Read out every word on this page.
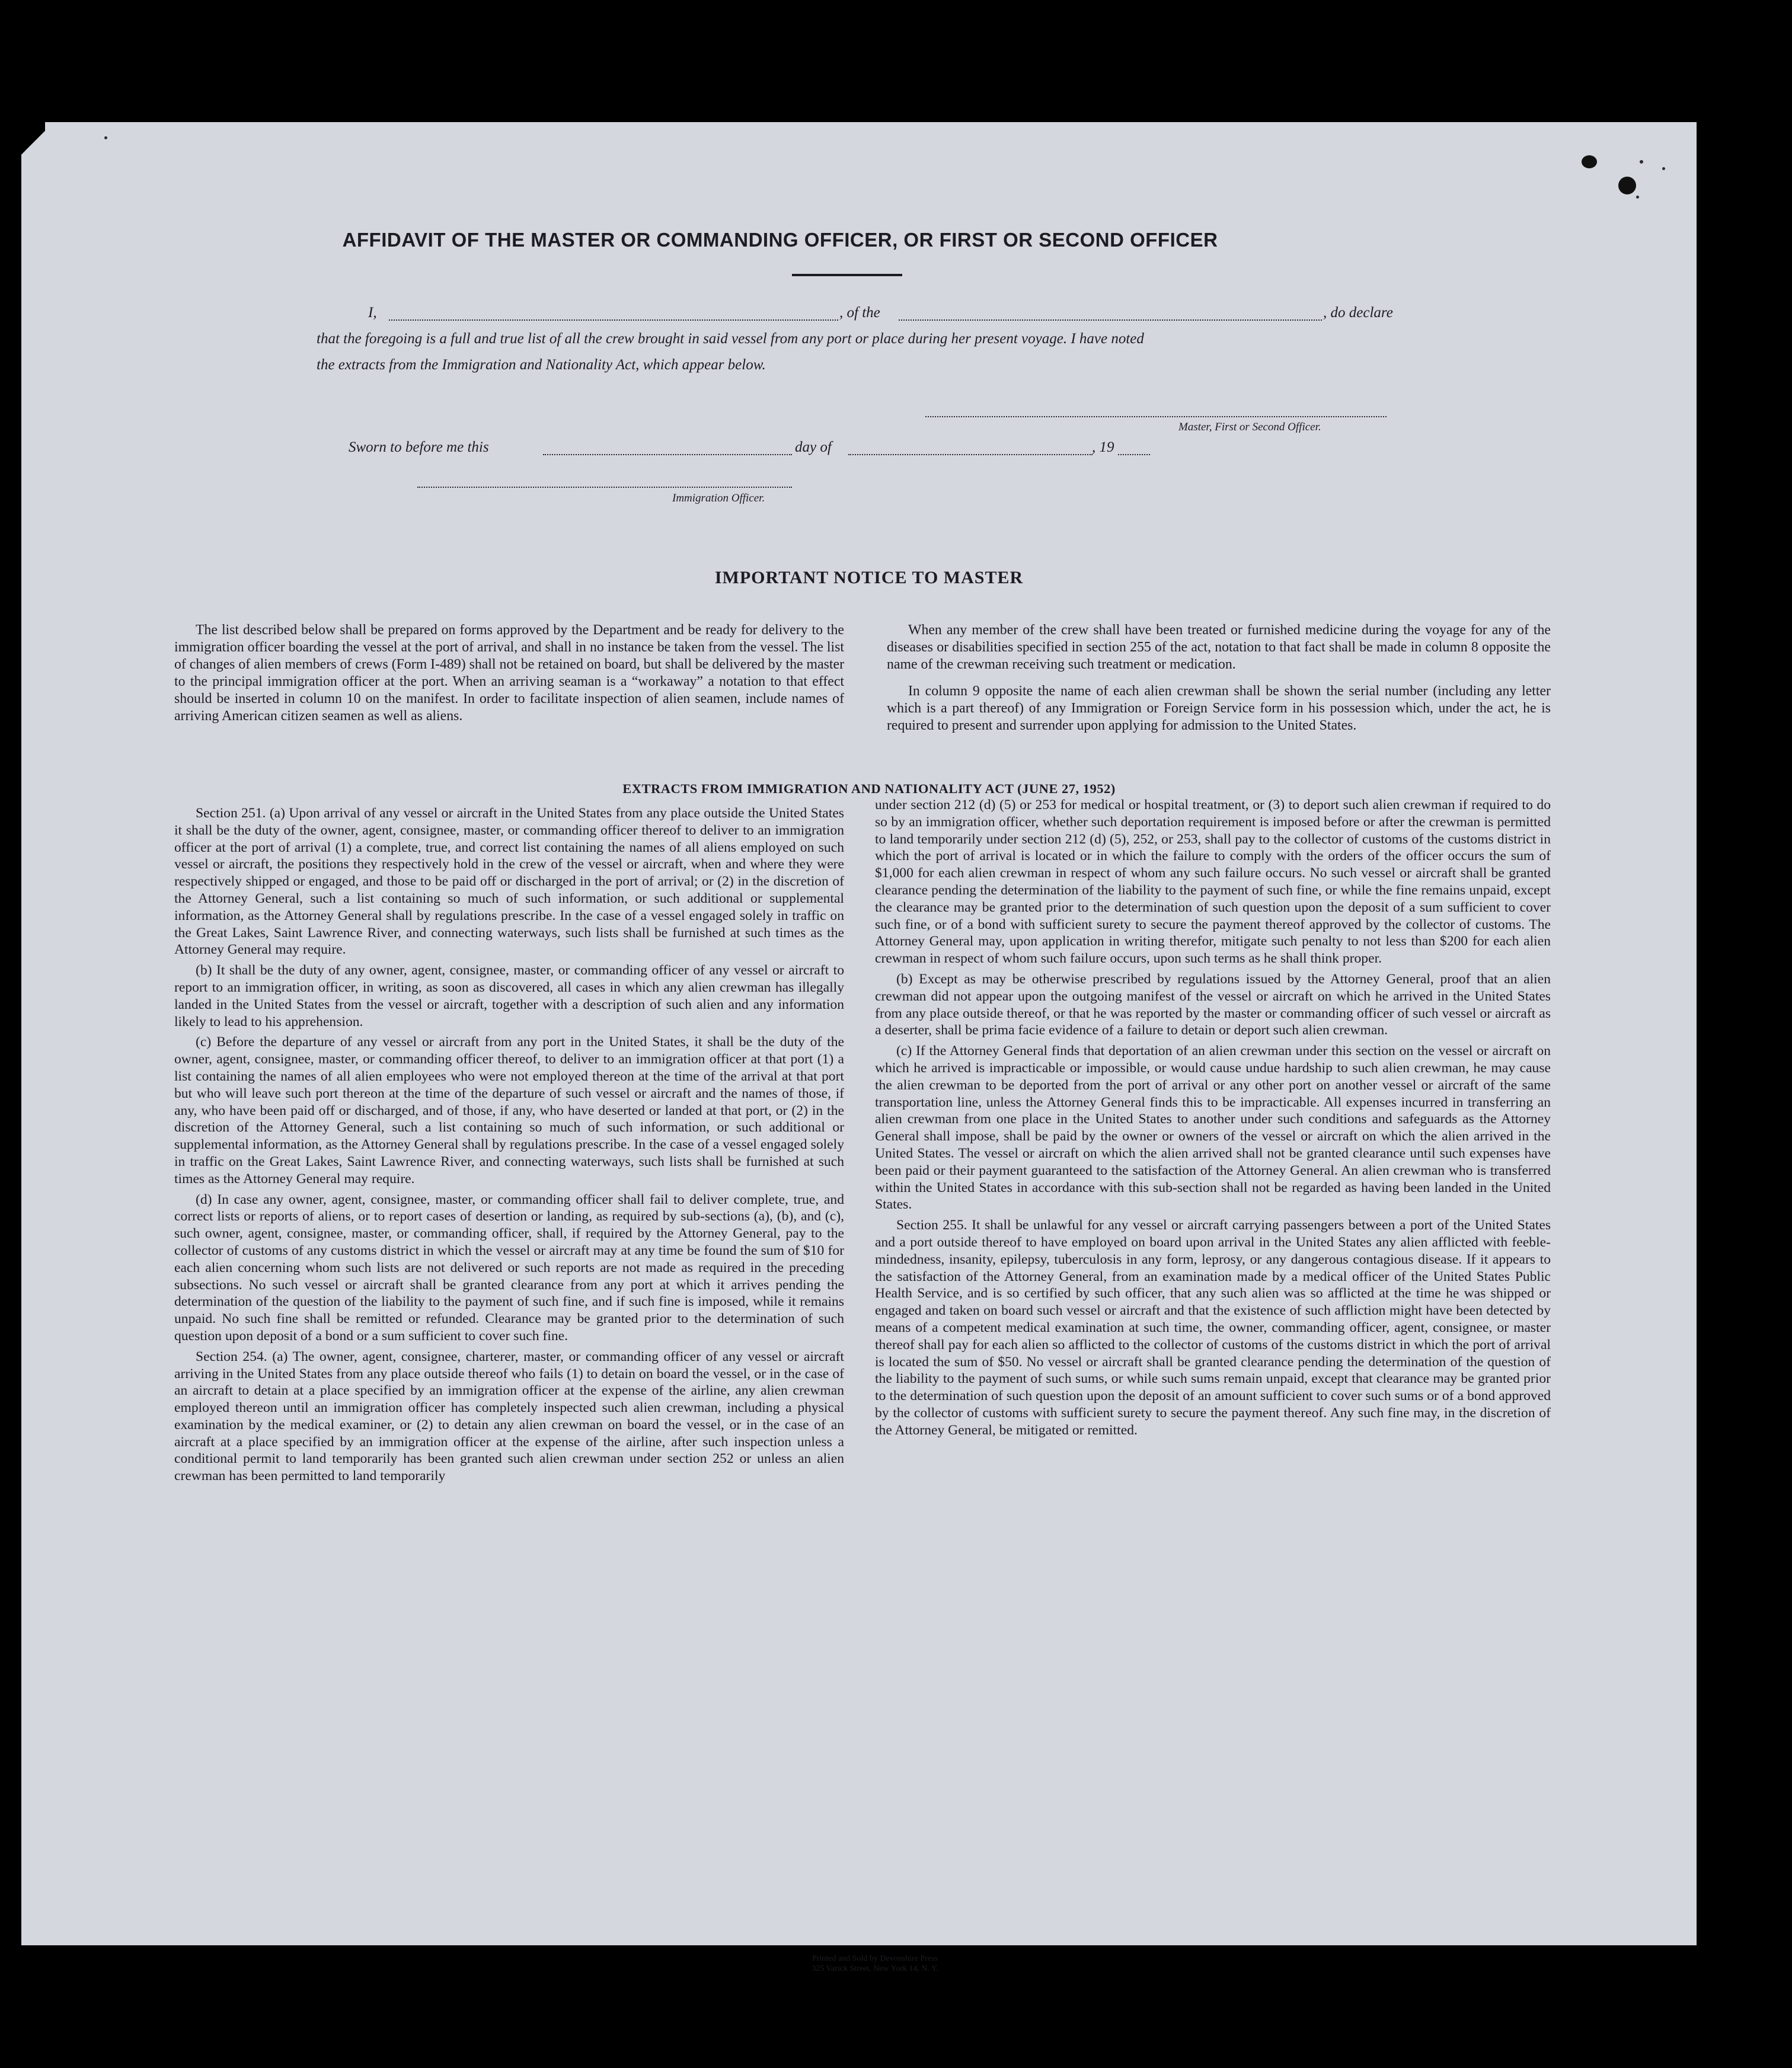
AFFIDAVIT OF THE MASTER OR COMMANDING OFFICER, OR FIRST OR SECOND OFFICER
I,	, of the	, do declare
that the foregoing is a full and true list of all the crew brought in said vessel from any port or place during her present voyage. I have noted
the extracts from the Immigration and Nationality Act, which appear below.
Master, First or Second Officer.
Sworn to before me this	day of	, 19
Immigration Officer.
IMPORTANT NOTICE TO MASTER
The list described below shall be prepared on forms approved by the Department and be ready for delivery to the immigration officer boarding the vessel at the port of arrival, and shall in no instance be taken from the vessel. The list of changes of alien members of crews (Form I-489) shall not be retained on board, but shall be delivered by the master to the principal immigration officer at the port. When an arriving seaman is a “workaway” a notation to that effect should be inserted in column 10 on the manifest. In order to facilitate inspection of alien seamen, include names of arriving American citizen seamen as well as aliens.

When any member of the crew shall have been treated or furnished medicine during the voyage for any of the diseases or disabilities specified in section 255 of the act, notation to that fact shall be made in column 8 opposite the name of the crewman receiving such treatment or medication.

In column 9 opposite the name of each alien crewman shall be shown the serial number (including any letter which is a part thereof) of any Immigration or Foreign Service form in his possession which, under the act, he is required to present and surrender upon applying for admission to the United States.

EXTRACTS FROM IMMIGRATION AND NATIONALITY ACT (JUNE 27, 1952)

Section 251. (a) Upon arrival of any vessel or aircraft in the United States from any place outside the United States it shall be the duty of the owner, agent, consignee, master, or commanding officer thereof to deliver to an immigration officer at the port of arrival (1) a complete, true, and correct list containing the names of all aliens employed on such vessel or aircraft, the positions they respectively hold in the crew of the vessel or aircraft, when and where they were respectively shipped or engaged, and those to be paid off or discharged in the port of arrival; or (2) in the discretion of the Attorney General, such a list containing so much of such information, or such additional or supplemental information, as the Attorney General shall by regulations prescribe. In the case of a vessel engaged solely in traffic on the Great Lakes, Saint Lawrence River, and connecting waterways, such lists shall be furnished at such times as the Attorney General may require.

(b) It shall be the duty of any owner, agent, consignee, master, or commanding officer of any vessel or aircraft to report to an immigration officer, in writing, as soon as discovered, all cases in which any alien crewman has illegally landed in the United States from the vessel or aircraft, together with a description of such alien and any information likely to lead to his apprehension.

(c) Before the departure of any vessel or aircraft from any port in the United States, it shall be the duty of the owner, agent, consignee, master, or commanding officer thereof, to deliver to an immigration officer at that port (1) a list containing the names of all alien employees who were not employed thereon at the time of the arrival at that port but who will leave such port thereon at the time of the departure of such vessel or aircraft and the names of those, if any, who have been paid off or discharged, and of those, if any, who have deserted or landed at that port, or (2) in the discretion of the Attorney General, such a list containing so much of such information, or such additional or supplemental information, as the Attorney General shall by regulations prescribe. In the case of a vessel engaged solely in traffic on the Great Lakes, Saint Lawrence River, and connecting waterways, such lists shall be furnished at such times as the Attorney General may require.

(d) In case any owner, agent, consignee, master, or commanding officer shall fail to deliver complete, true, and correct lists or reports of aliens, or to report cases of desertion or landing, as required by sub-sections (a), (b), and (c), such owner, agent, consignee, master, or commanding officer, shall, if required by the Attorney General, pay to the collector of customs of any customs district in which the vessel or aircraft may at any time be found the sum of $10 for each alien concerning whom such lists are not delivered or such reports are not made as required in the preceding subsections. No such vessel or aircraft shall be granted clearance from any port at which it arrives pending the determination of the question of the liability to the payment of such fine, and if such fine is imposed, while it remains unpaid. No such fine shall be remitted or refunded. Clearance may be granted prior to the determination of such question upon deposit of a bond or a sum sufficient to cover such fine.

Section 254. (a) The owner, agent, consignee, charterer, master, or commanding officer of any vessel or aircraft arriving in the United States from any place outside thereof who fails (1) to detain on board the vessel, or in the case of an aircraft to detain at a place specified by an immigration officer at the expense of the airline, any alien crewman employed thereon until an immigration officer has completely inspected such alien crewman, including a physical examination by the medical examiner, or (2) to detain any alien crewman on board the vessel, or in the case of an aircraft at a place specified by an immigration officer at the expense of the airline, after such inspection unless a conditional permit to land temporarily has been granted such alien crewman under section 252 or unless an alien crewman has been permitted to land temporarily

under section 212 (d) (5) or 253 for medical or hospital treatment, or (3) to deport such alien crewman if required to do so by an immigration officer, whether such deportation requirement is imposed before or after the crewman is permitted to land temporarily under section 212 (d) (5), 252, or 253, shall pay to the collector of customs of the customs district in which the port of arrival is located or in which the failure to comply with the orders of the officer occurs the sum of $1,000 for each alien crewman in respect of whom any such failure occurs. No such vessel or aircraft shall be granted clearance pending the determination of the liability to the payment of such fine, or while the fine remains unpaid, except the clearance may be granted prior to the determination of such question upon the deposit of a sum sufficient to cover such fine, or of a bond with sufficient surety to secure the payment thereof approved by the collector of customs. The Attorney General may, upon application in writing therefor, mitigate such penalty to not less than $200 for each alien crewman in respect of whom such failure occurs, upon such terms as he shall think proper.

(b) Except as may be otherwise prescribed by regulations issued by the Attorney General, proof that an alien crewman did not appear upon the outgoing manifest of the vessel or aircraft on which he arrived in the United States from any place outside thereof, or that he was reported by the master or commanding officer of such vessel or aircraft as a deserter, shall be prima facie evidence of a failure to detain or deport such alien crewman.

(c) If the Attorney General finds that deportation of an alien crewman under this section on the vessel or aircraft on which he arrived is impracticable or impossible, or would cause undue hardship to such alien crewman, he may cause the alien crewman to be deported from the port of arrival or any other port on another vessel or aircraft of the same transportation line, unless the Attorney General finds this to be impracticable. All expenses incurred in transferring an alien crewman from one place in the United States to another under such conditions and safeguards as the Attorney General shall impose, shall be paid by the owner or owners of the vessel or aircraft on which the alien arrived in the United States. The vessel or aircraft on which the alien arrived shall not be granted clearance until such expenses have been paid or their payment guaranteed to the satisfaction of the Attorney General. An alien crewman who is transferred within the United States in accordance with this sub-section shall not be regarded as having been landed in the United States.

Section 255. It shall be unlawful for any vessel or aircraft carrying passengers between a port of the United States and a port outside thereof to have employed on board upon arrival in the United States any alien afflicted with feeble-mindedness, insanity, epilepsy, tuberculosis in any form, leprosy, or any dangerous contagious disease. If it appears to the satisfaction of the Attorney General, from an examination made by a medical officer of the United States Public Health Service, and is so certified by such officer, that any such alien was so afflicted at the time he was shipped or engaged and taken on board such vessel or aircraft and that the existence of such affliction might have been detected by means of a competent medical examination at such time, the owner, commanding officer, agent, consignee, or master thereof shall pay for each alien so afflicted to the collector of customs of the customs district in which the port of arrival is located the sum of $50. No vessel or aircraft shall be granted clearance pending the determination of the question of the liability to the payment of such sums, or while such sums remain unpaid, except that clearance may be granted prior to the determination of such question upon the deposit of an amount sufficient to cover such sums or of a bond approved by the collector of customs with sufficient surety to secure the payment thereof. Any such fine may, in the discretion of the Attorney General, be mitigated or remitted.

Printed and Sold by Devonshire Press
325 Varick Street, New York 14, N. Y.
